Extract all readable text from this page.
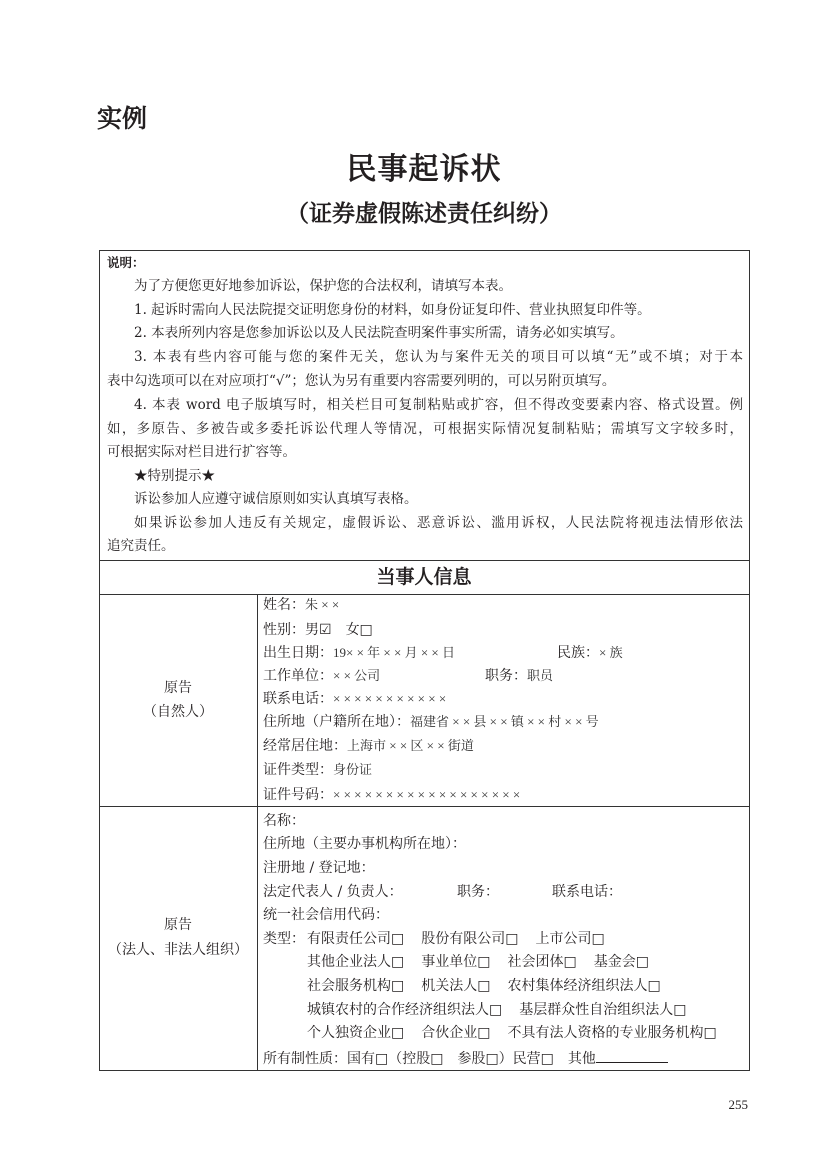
实例
民事起诉状
（证券虚假陈述责任纠纷）
说明：
为了方便您更好地参加诉讼，保护您的合法权利，请填写本表。
1. 起诉时需向人民法院提交证明您身份的材料，如身份证复印件、营业执照复印件等。
2. 本表所列内容是您参加诉讼以及人民法院查明案件事实所需，请务必如实填写。
3. 本表有些内容可能与您的案件无关，您认为与案件无关的项目可以填“无”或不填；对于本
表中勾选项可以在对应项打“√”；您认为另有重要内容需要列明的，可以另附页填写。
4. 本表 word 电子版填写时，相关栏目可复制粘贴或扩容，但不得改变要素内容、格式设置。例
如，多原告、多被告或多委托诉讼代理人等情况，可根据实际情况复制粘贴；需填写文字较多时，
可根据实际对栏目进行扩容等。
★特别提示★
诉讼参加人应遵守诚信原则如实认真填写表格。
如果诉讼参加人违反有关规定，虚假诉讼、恶意诉讼、滥用诉权，人民法院将视违法情形依法
追究责任。
当事人信息
原告
（自然人）
姓名：朱 × ×
性别：男☑ 女□
出生日期：19× × 年 × × 月 × × 日	民族：× 族
工作单位：× × 公司	职务：职员
联系电话：× × × × × × × × × × ×
住所地（户籍所在地）：福建省 × × 县 × × 镇 × × 村 × × 号
经常居住地：上海市 × × 区 × × 街道
证件类型：身份证
证件号码：× × × × × × × × × × × × × × × × × ×
原告
（法人、非法人组织）
名称：
住所地（主要办事机构所在地）：
注册地 / 登记地：
法定代表人 / 负责人：	职务：	联系电话：
统一社会信用代码：
类型： 有限责任公司□ 股份有限公司□ 上市公司□
其他企业法人□ 事业单位□ 社会团体□ 基金会□
社会服务机构□ 机关法人□ 农村集体经济组织法人□
城镇农村的合作经济组织法人□ 基层群众性自治组织法人□
个人独资企业□ 合伙企业□ 不具有法人资格的专业服务机构□
所有制性质：国有□（控股□　参股□）民营□　其他
255
